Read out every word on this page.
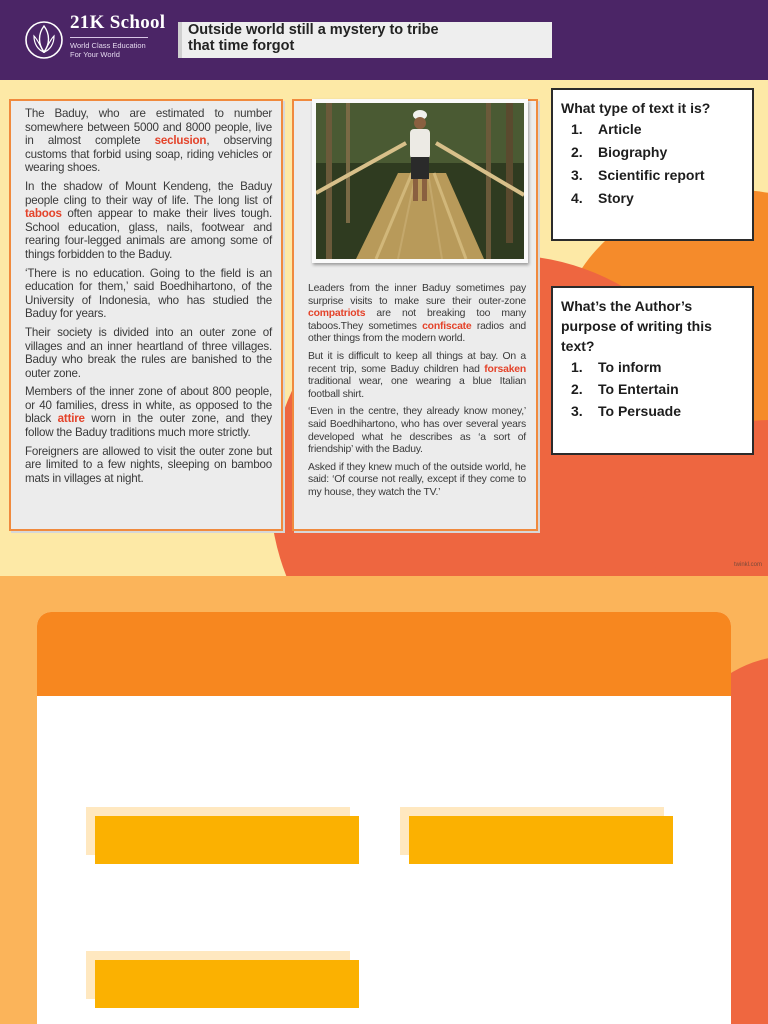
21K School
World Class Education
For Your World
Outside world still a mystery to tribe
that time forgot

The Baduy, who are estimated to number somewhere between 5000 and 8000 people, live in almost complete seclusion, observing customs that forbid using soap, riding vehicles or wearing shoes.

In the shadow of Mount Kendeng, the Baduy people cling to their way of life. The long list of taboos often appear to make their lives tough. School education, glass, nails, footwear and rearing four-legged animals are among some of things forbidden to the Baduy.

‘There is no education. Going to the field is an education for them,’ said Boedhihartono, of the University of Indonesia, who has studied the Baduy for years.

Their society is divided into an outer zone of villages and an inner heartland of three villages. Baduy who break the rules are banished to the outer zone.

Members of the inner zone of about 800 people, or 40 families, dress in white, as opposed to the black attire worn in the outer zone, and they follow the Baduy traditions much more strictly.

Foreigners are allowed to visit the outer zone but are limited to a few nights, sleeping on bamboo mats in villages at night.

Leaders from the inner Baduy sometimes pay surprise visits to make sure their outer-zone compatriots are not breaking too many taboos.They sometimes confiscate radios and other things from the modern world.

But it is difficult to keep all things at bay. On a recent trip, some Baduy children had forsaken traditional wear, one wearing a blue Italian football shirt.

‘Even in the centre, they already know money,’ said Boedhihartono, who has over several years developed what he describes as ‘a sort of friendship’ with the Baduy.

Asked if they knew much of the outside world, he said: ‘Of course not really, except if they come to my house, they watch the TV.’

What type of text it is?
1. Article
2. Biography
3. Scientific report
4. Story
What’s the Author’s purpose of writing this text?
1. To inform
2. To Entertain
3. To Persuade
twinkl.com
